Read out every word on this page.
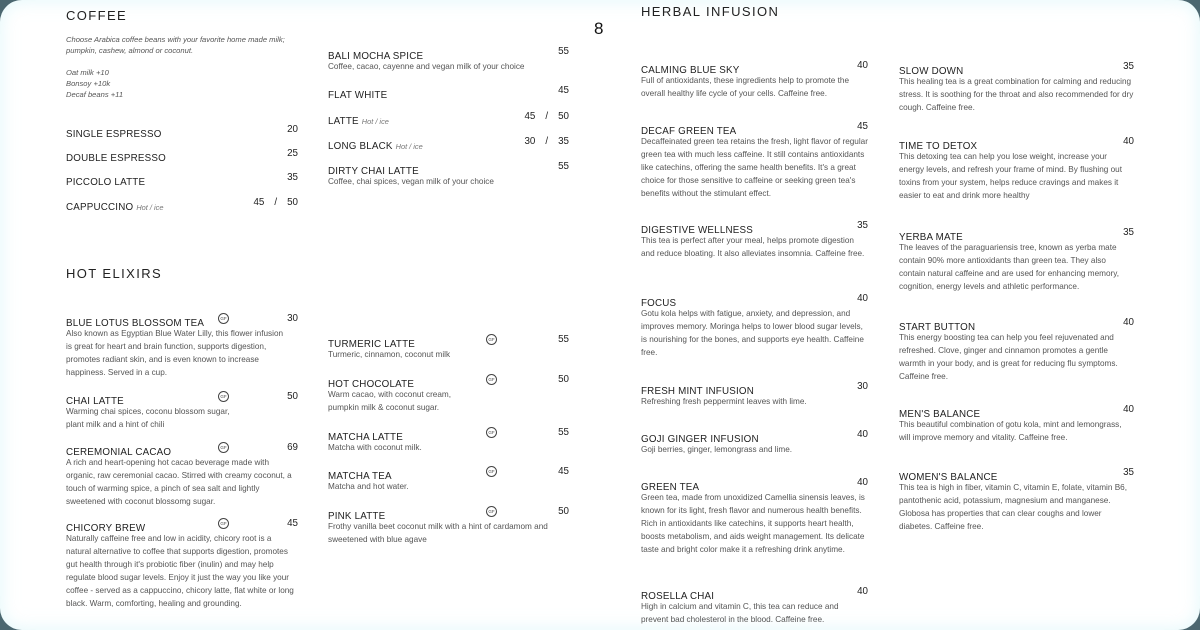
COFFEE
Choose Arabica coffee beans with your favorite home made milk; pumpkin, cashew, almond or coconut.
Oat milk +10
Bonsoy +10k
Decaf beans +11
SINGLE ESPRESSO	20
DOUBLE ESPRESSO	25
PICCOLO LATTE	35
CAPPUCCINO Hot / ice	45 / 50
BALI MOCHA SPICE	55
Coffee, cacao, cayenne and vegan milk of your choice
FLAT WHITE	45
LATTE Hot / ice	45 / 50
LONG BLACK Hot / ice	30 / 35
DIRTY CHAI LATTE	55
Coffee, chai spices, vegan milk of your choice
HOT ELIXIRS
BLUE LOTUS BLOSSOM TEA	GF	30
Also known as Egyptian Blue Water Lilly, this flower infusion is great for heart and brain function, supports digestion, promotes radiant skin, and is even known to increase happiness. Served in a cup.
CHAI LATTE	GF	50
Warming chai spices, coconu blossom sugar, plant milk and a hint of chili
CEREMONIAL CACAO	GF	69
A rich and heart-opening hot cacao beverage made with organic, raw ceremonial cacao. Stirred with creamy coconut, a touch of warming spice, a pinch of sea salt and lightly sweetened with coconut blossomg sugar.
CHICORY BREW	GF	45
Naturally caffeine free and low in acidity, chicory root is a natural alternative to coffee that supports digestion, promotes gut health through it's probiotic fiber (inulin) and may help regulate blood sugar levels. Enjoy it just the way you like your coffee - served as a cappuccino, chicory latte, flat white or long black. Warm, comforting, healing and grounding.
TURMERIC LATTE	GF	55
Turmeric, cinnamon, coconut milk
HOT CHOCOLATE	GF	50
Warm cacao, with coconut cream, pumpkin milk & coconut sugar.
MATCHA LATTE	GF	55
Matcha with coconut milk.
MATCHA TEA	GF	45
Matcha and hot water.
PINK LATTE	GF	50
Frothy vanilla beet coconut milk with a hint of cardamom and sweetened with blue agave
8
HERBAL INFUSION
CALMING BLUE SKY	40
Full of antioxidants, these ingredients help to promote the overall healthy life cycle of your cells. Caffeine free.
DECAF GREEN TEA	45
Decaffeinated green tea retains the fresh, light flavor of regular green tea with much less caffeine. It still contains antioxidants like catechins, offering the same health benefits. It's a great choice for those sensitive to caffeine or seeking green tea's benefits without the stimulant effect.
DIGESTIVE WELLNESS	35
This tea is perfect after your meal, helps promote digestion and reduce bloating. It also alleviates insomnia. Caffeine free.
FOCUS	40
Gotu kola helps with fatigue, anxiety, and depression, and improves memory. Moringa helps to lower blood sugar levels, is nourishing for the bones, and supports eye health. Caffeine free.
FRESH MINT INFUSION	30
Refreshing fresh peppermint leaves with lime.
GOJI GINGER INFUSION	40
Goji berries, ginger, lemongrass and lime.
GREEN TEA	40
Green tea, made from unoxidized Camellia sinensis leaves, is known for its light, fresh flavor and numerous health benefits. Rich in antioxidants like catechins, it supports heart health, boosts metabolism, and aids weight management. Its delicate taste and bright color make it a refreshing drink anytime.
ROSELLA CHAI	40
High in calcium and vitamin C, this tea can reduce and prevent bad cholesterol in the blood. Caffeine free.
SLOW DOWN	35
This healing tea is a great combination for calming and reducing stress. It is soothing for the throat and also recommended for dry cough. Caffeine free.
TIME TO DETOX	40
This detoxing tea can help you lose weight, increase your energy levels, and refresh your frame of mind. By flushing out toxins from your system, helps reduce cravings and makes it easier to eat and drink more healthy
YERBA MATE	35
The leaves of the paraguariensis tree, known as yerba mate contain 90% more antioxidants than green tea. They also contain natural caffeine and are used for enhancing memory, cognition, energy levels and athletic performance.
START BUTTON	40
This energy boosting tea can help you feel rejuvenated and refreshed. Clove, ginger and cinnamon promotes a gentle warmth in your body, and is great for reducing flu symptoms. Caffeine free.
MEN'S BALANCE	40
This beautiful combination of gotu kola, mint and lemongrass, will improve memory and vitality. Caffeine free.
WOMEN'S BALANCE	35
This tea is high in fiber, vitamin C, vitamin E, folate, vitamin B6, pantothenic acid, potassium, magnesium and manganese. Globosa has properties that can clear coughs and lower diabetes. Caffeine free.
